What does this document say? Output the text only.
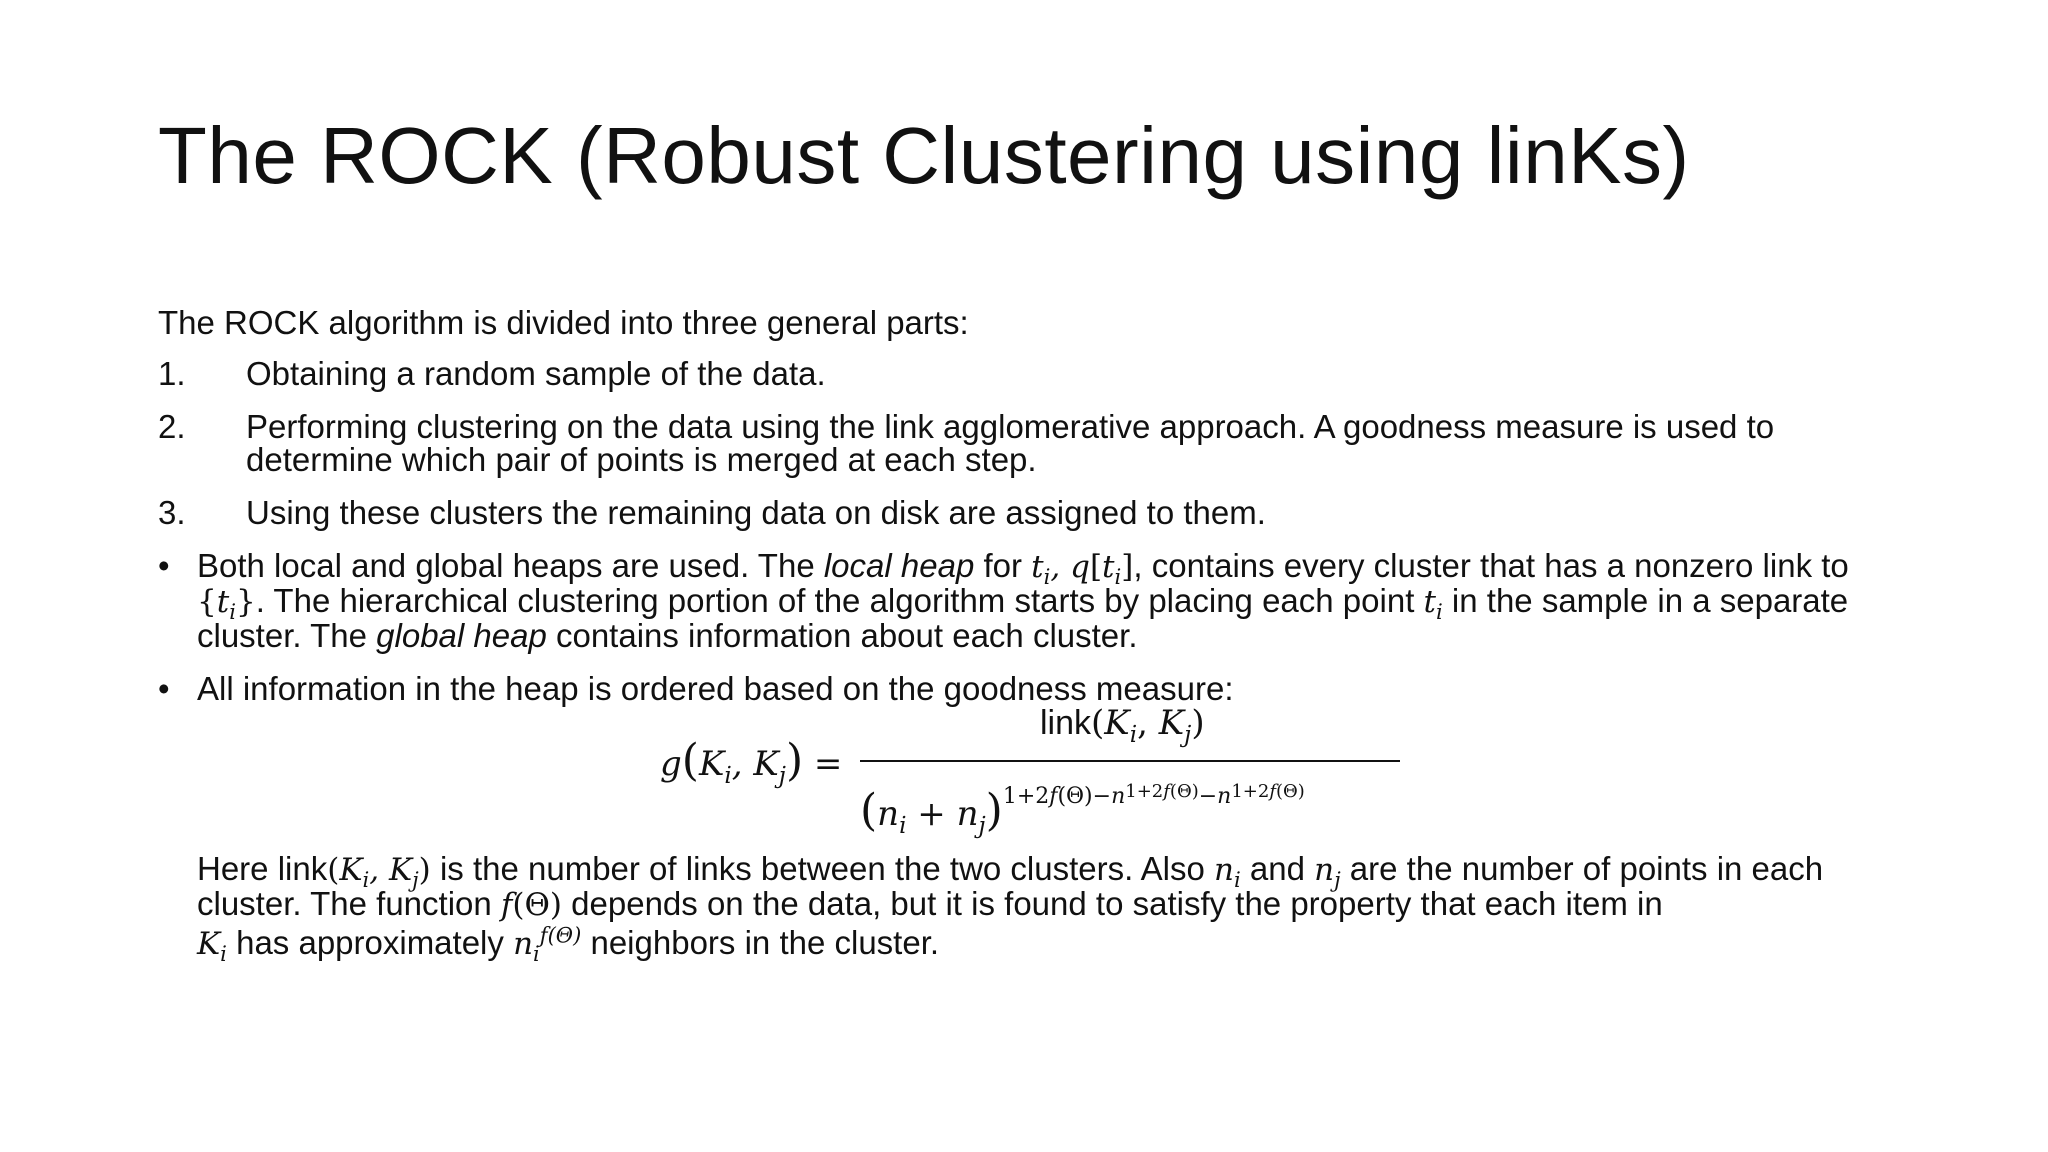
The ROCK (Robust Clustering using linKs)

The ROCK algorithm is divided into three general parts:

1. Obtaining a random sample of the data.
2. Performing clustering on the data using the link agglomerative approach. A goodness measure is used to determine which pair of points is merged at each step.
3. Using these clusters the remaining data on disk are assigned to them.
• Both local and global heaps are used. The local heap for $t_i$, $q[t_i]$, contains every cluster that has a nonzero link to $\{t_i\}$. The hierarchical clustering portion of the algorithm starts by placing each point $t_i$ in the sample in a separate cluster. The global heap contains information about each cluster.
• All information in the heap is ordered based on the goodness measure:
$g(K_i$, $K_j$) =
$link(K_i$, $K_j$)
$(n_i + n_j)^{1+2f(\Theta)-n^{1+2f(\Theta)}-n^{1+2f(\Theta)}}$

Here $link(K_i$, $K_j$) is the number of links between the two clusters. Also $n_i$ and $n_j$ are the number of points in each cluster. The function f(Θ) depends on the data, but it is found to satisfy the property that each item in

$K_i$ has approximately $n_i^{f(\Theta)}$ neighbors in the cluster.
